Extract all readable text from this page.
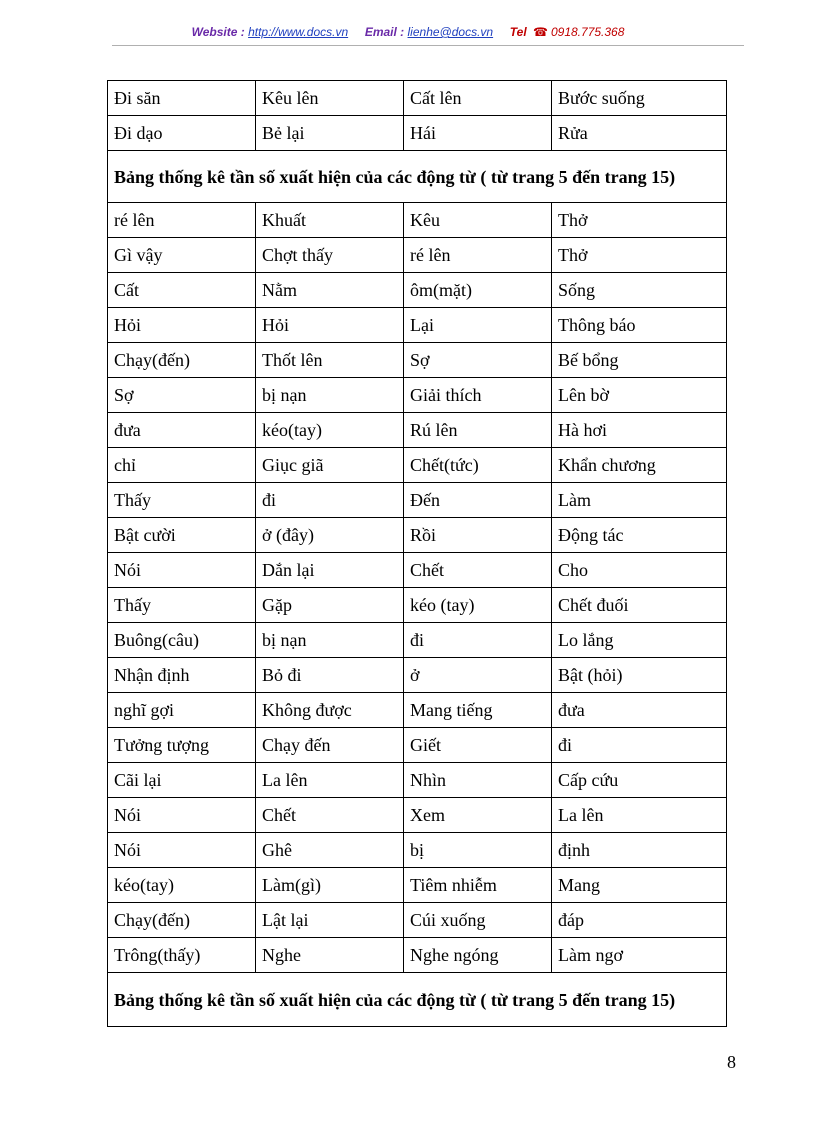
Website : http://www.docs.vn Email : lienhe@docs.vn Tel ☎ 0918.775.368
Đi săn	Kêu lên	Cất lên	Bước suống
Đi dạo	Bẻ lại	Hái	Rửa
Bảng thống kê tần số xuất hiện của các động từ ( từ trang 5 đến trang 15)			
ré lên	Khuất	Kêu	Thở
Gì vậy	Chợt thấy	ré lên	Thở
Cất	Nằm	ôm(mặt)	Sống
Hỏi	Hỏi	Lại	Thông báo
Chạy(đến)	Thốt lên	Sợ	Bế bổng
Sợ	bị nạn	Giải thích	Lên bờ
đưa	kéo(tay)	Rú lên	Hà hơi
chỉ	Giục giã	Chết(tức)	Khẩn chương
Thấy	đi	Đến	Làm
Bật cười	ở (đây)	Rồi	Động tác
Nói	Dắn lại	Chết	Cho
Thấy	Gặp	kéo (tay)	Chết đuối
Buông(câu)	bị nạn	đi	Lo lắng
Nhận định	Bỏ đi	ở	Bật (hỏi)
nghĩ gợi	Không được	Mang tiếng	đưa
Tưởng tượng	Chạy đến	Giết	đi
Cãi lại	La lên	Nhìn	Cấp cứu
Nói	Chết	Xem	La lên
Nói	Ghê	bị	định
kéo(tay)	Làm(gì)	Tiêm nhiễm	Mang
Chạy(đến)	Lật lại	Cúi xuống	đáp
Trông(thấy)	Nghe	Nghe ngóng	Làm ngơ
Bảng thống kê tần số xuất hiện của các động từ ( từ trang 5 đến trang 15)			
8
